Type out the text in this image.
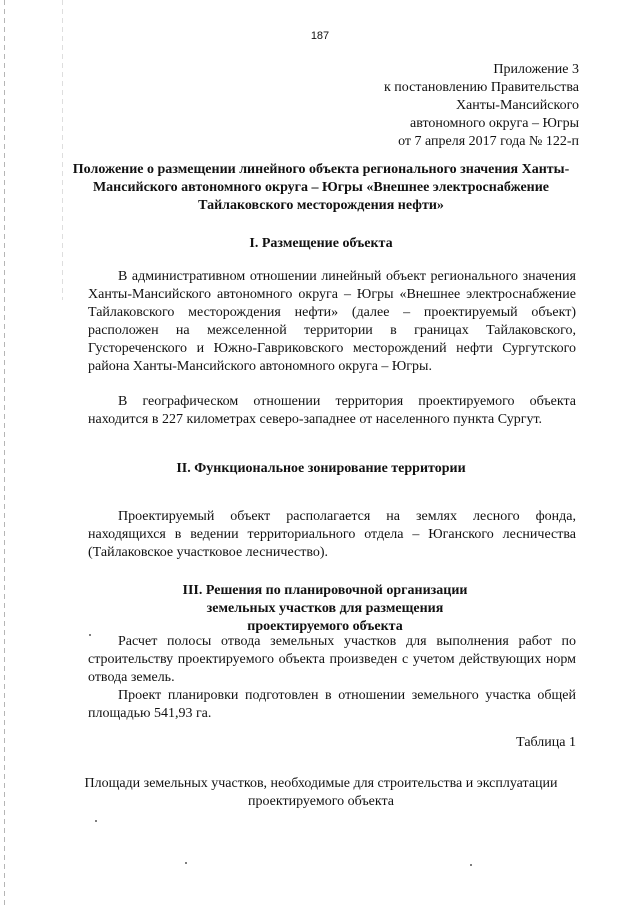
187
Приложение 3
к постановлению Правительства
Ханты-Мансийского
автономного округа – Югры
от 7 апреля 2017 года № 122-п
Положение о размещении линейного объекта регионального значения Ханты-Мансийского автономного округа – Югры «Внешнее электроснабжение Тайлаковского месторождения нефти»
I. Размещение объекта
В административном отношении линейный объект регионального значения Ханты-Мансийского автономного округа – Югры «Внешнее электроснабжение Тайлаковского месторождения нефти» (далее – проектируемый объект) расположен на межселенной территории в границах Тайлаковского, Густореченского и Южно-Гавриковского месторождений нефти Сургутского района Ханты-Мансийского автономного округа – Югры.
В географическом отношении территория проектируемого объекта находится в 227 километрах северо-западнее от населенного пункта Сургут.
II. Функциональное зонирование территории
Проектируемый объект располагается на землях лесного фонда, находящихся в ведении территориального отдела – Юганского лесничества (Тайлаковское участковое лесничество).
III. Решения по планировочной организации земельных участков для размещения проектируемого объекта
Расчет полосы отвода земельных участков для выполнения работ по строительству проектируемого объекта произведен с учетом действующих норм отвода земель.
Проект планировки подготовлен в отношении земельного участка общей площадью 541,93 га.
Таблица 1
Площади земельных участков, необходимые для строительства и эксплуатации проектируемого объекта
